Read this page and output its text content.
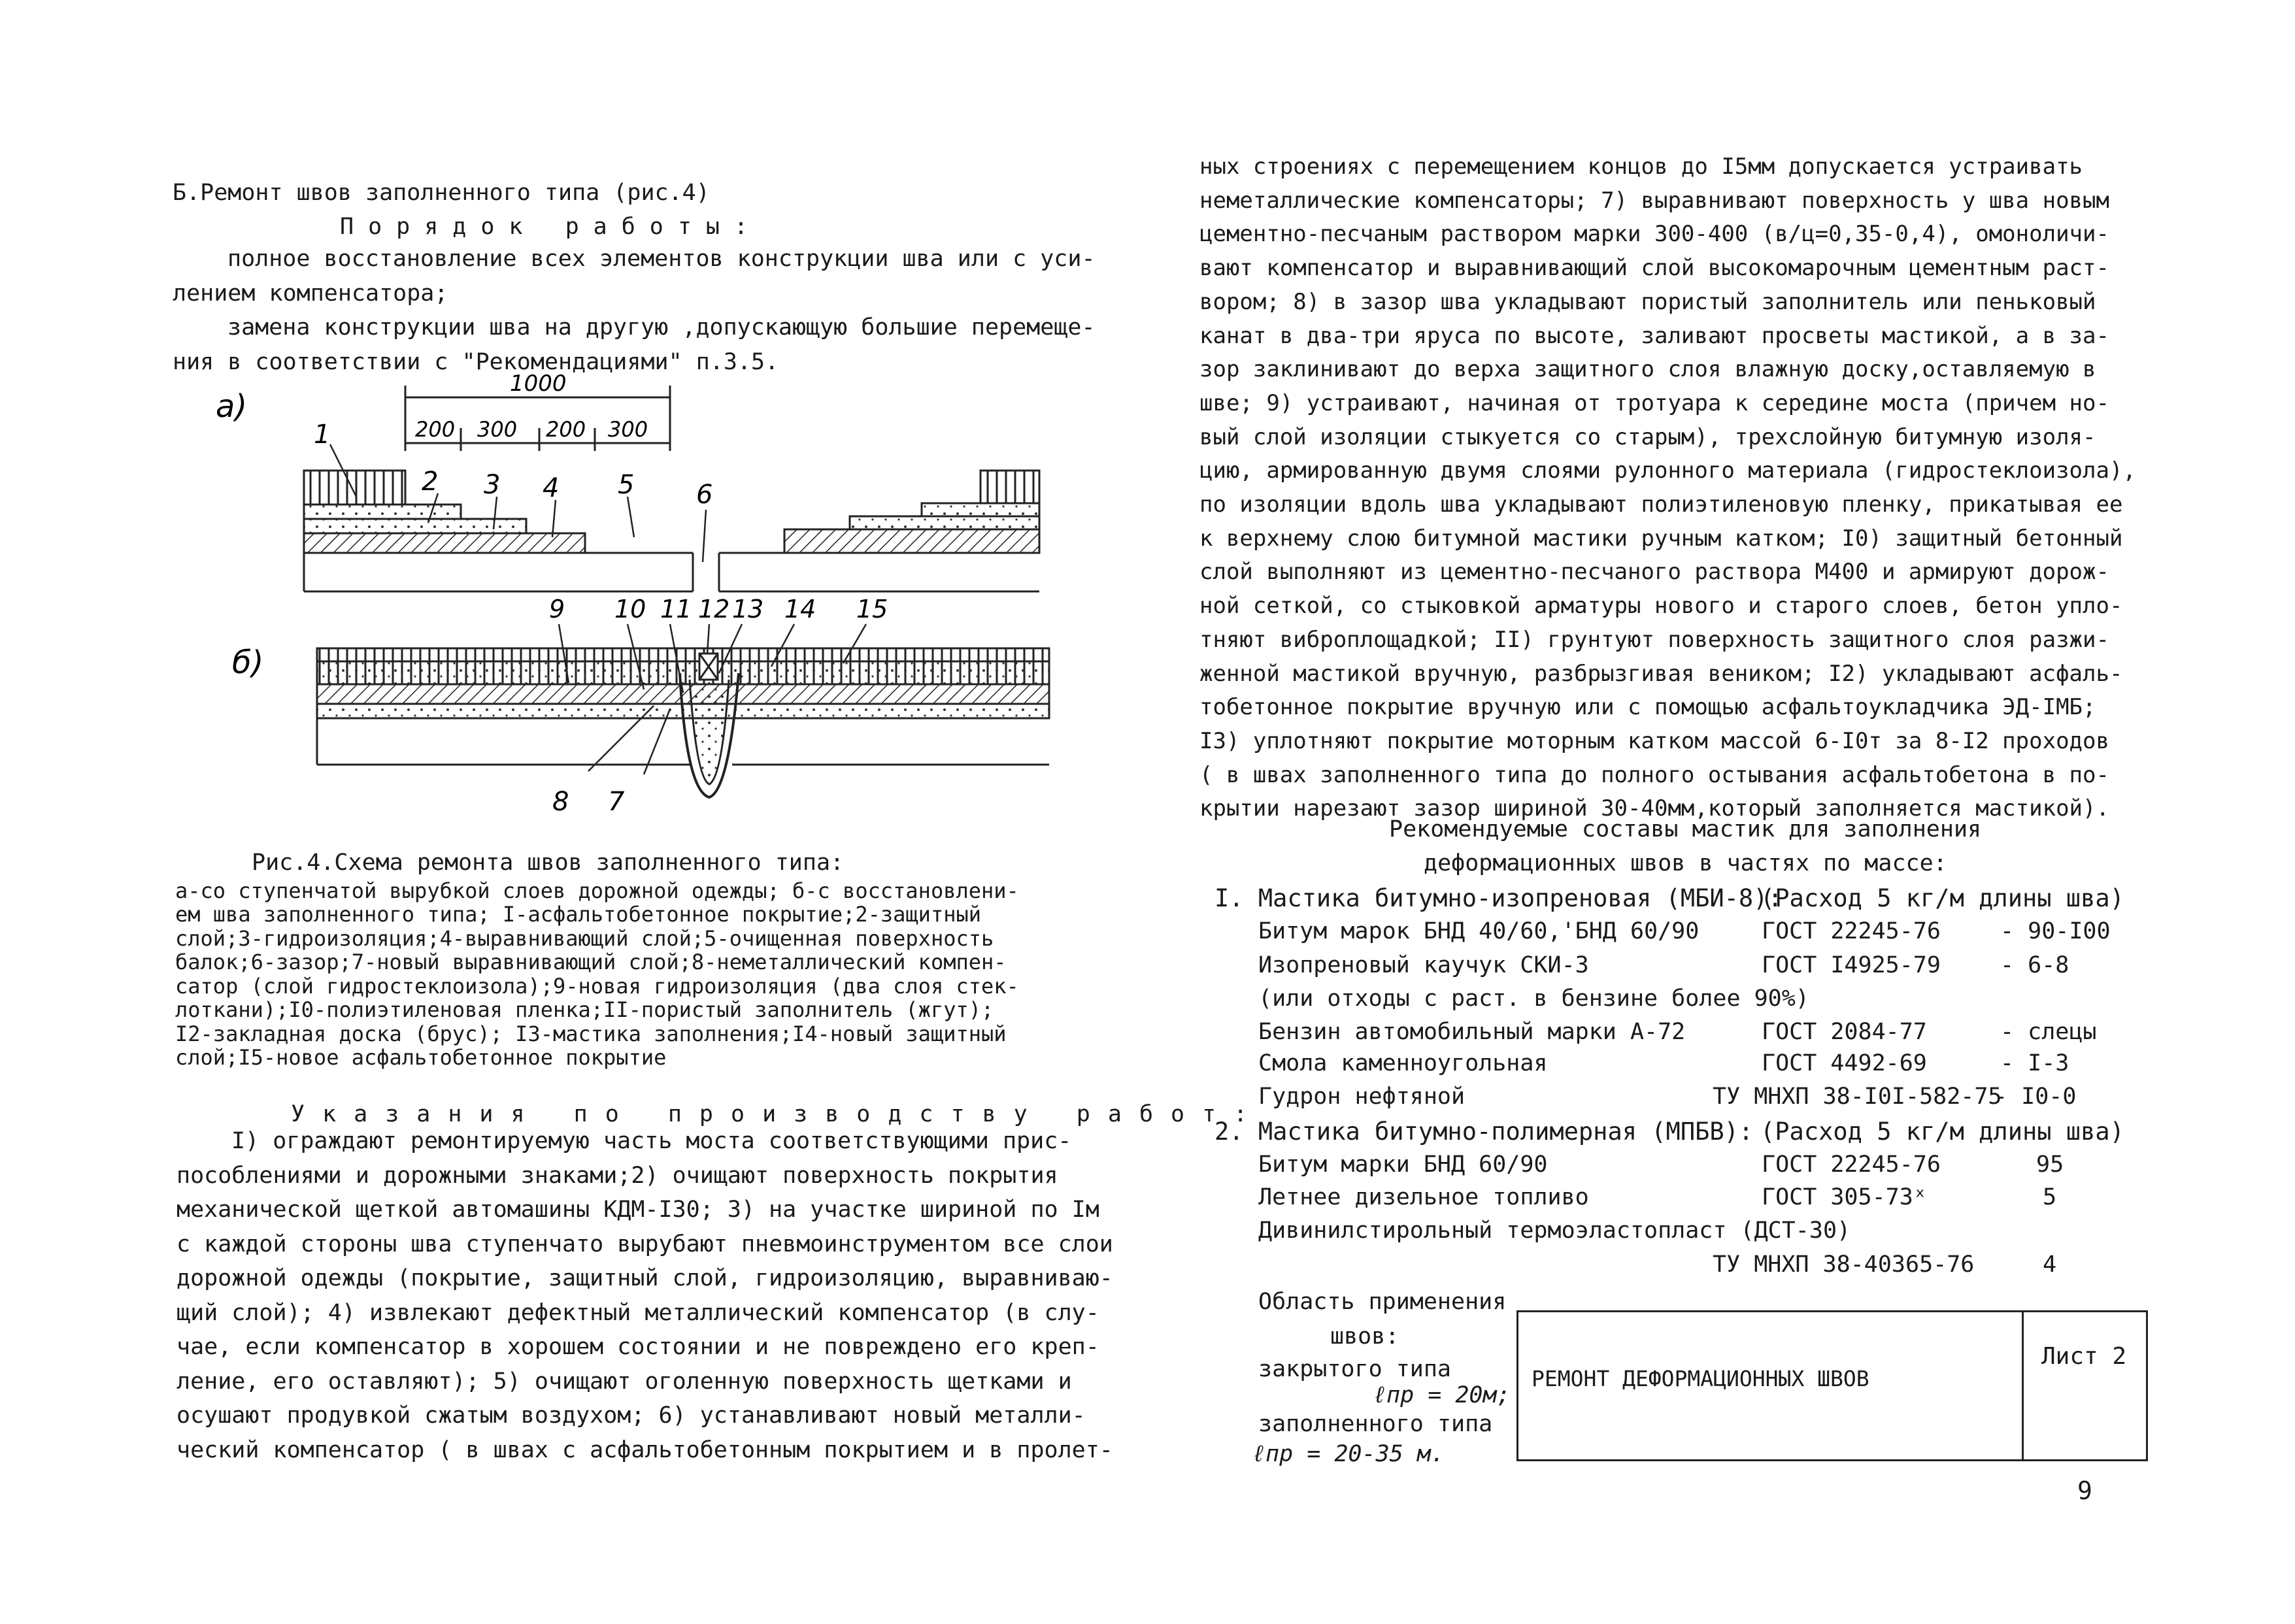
Б.Ремонт швов заполненного типа (рис.4)
Порядок работы:
полное восстановление всех элементов конструкции шва или с уси-
лением компенсатора;
замена конструкции шва на другую ,допускающую большие перемеще-
ния в соответствии с "Рекомендациями" п.3.5.
а)
1000
200 300 200 300
1
2 3 4 5 6
б)
9 10 11 12 13 14 15
8 7
Рис.4.Схема ремонта швов заполненного типа:
а-со ступенчатой вырубкой слоев дорожной одежды; б-с восстановлени-
ем шва заполненного типа; I-асфальтобетонное покрытие;2-защитный
слой;3-гидроизоляция;4-выравнивающий слой;5-очищенная поверхность
балок;6-зазор;7-новый выравнивающий слой;8-неметаллический компен-
сатор (слой гидростеклоизола);9-новая гидроизоляция (два слоя стек-
лоткани);I0-полиэтиленовая пленка;II-пористый заполнитель (жгут);
I2-закладная доска (брус); I3-мастика заполнения;I4-новый защитный
слой;I5-новое асфальтобетонное покрытие
Указания по производству работ:
I) ограждают ремонтируемую часть моста соответствующими прис-
пособлениями и дорожными знаками;2) очищают поверхность покрытия
механической щеткой автомашины КДМ-I30; 3) на участке шириной по Iм
с каждой стороны шва ступенчато вырубают пневмоинструментом все слои
дорожной одежды (покрытие, защитный слой, гидроизоляцию, выравниваю-
щий слой); 4) извлекают дефектный металлический компенсатор (в слу-
чае, если компенсатор в хорошем состоянии и не повреждено его креп-
ление, его оставляют); 5) очищают оголенную поверхность щетками и
осушают продувкой сжатым воздухом; 6) устанавливают новый металли-
ческий компенсатор ( в швах с асфальтобетонным покрытием и в пролет-
ных строениях с перемещением концов до I5мм допускается устраивать
неметаллические компенсаторы; 7) выравнивают поверхность у шва новым
цементно-песчаным раствором марки 300-400 (в/ц=0,35-0,4), омоноличи-
вают компенсатор и выравнивающий слой высокомарочным цементным раст-
вором; 8) в зазор шва укладывают пористый заполнитель или пеньковый
канат в два-три яруса по высоте, заливают просветы мастикой, а в за-
зор заклинивают до верха защитного слоя влажную доску,оставляемую в
шве; 9) устраивают, начиная от тротуара к середине моста (причем но-
вый слой изоляции стыкуется со старым), трехслойную битумную изоля-
цию, армированную двумя слоями рулонного материала (гидростеклоизола),
по изоляции вдоль шва укладывают полиэтиленовую пленку, прикатывая ее
к верхнему слою битумной мастики ручным катком; I0) защитный бетонный
слой выполняют из цементно-песчаного раствора М400 и армируют дорож-
ной сеткой, со стыковкой арматуры нового и старого слоев, бетон упло-
тняют виброплощадкой; II) грунтуют поверхность защитного слоя разжи-
женной мастикой вручную, разбрызгивая веником; I2) укладывают асфаль-
тобетонное покрытие вручную или с помощью асфальтоукладчика ЭД-IМБ;
I3) уплотняют покрытие моторным катком массой 6-I0т за 8-I2 проходов
( в швах заполненного типа до полного остывания асфальтобетона в по-
крытии нарезают зазор шириной 30-40мм,который заполняется мастикой).
Рекомендуемые составы мастик для заполнения
деформационных швов в частях по массе:
I. Мастика битумно-изопреновая (МБИ-8):
(Расход 5 кг/м длины шва)
Битум марок БНД 40/60,'БНД 60/90	ГОСТ 22245-76	- 90-I00
Изопреновый каучук СКИ-3	ГОСТ I4925-79	- 6-8
(или отходы с раст. в бензине более 90%)
Бензин автомобильный марки А-72	ГОСТ 2084-77	- слецы
Смола каменноугольная	ГОСТ 4492-69	- I-3
Гудрон нефтяной	ТУ МНХП 38-I0I-582-75
- I0-0
2. Мастика битумно-полимерная (МПБВ): (Расход 5 кг/м длины шва)
Битум марки БНД 60/90	ГОСТ 22245-76	95
Летнее дизельное топливо	ГОСТ 305-73ˣ	5
Дивинилстирольный термоэластопласт (ДСТ-30)
ТУ МНХП 38-40365-76	4
Область применения
швов:
закрытого типа
ℓпр = 20м;
заполненного типа
ℓпр = 20-35 м.
РЕМОНТ ДЕФОРМАЦИОННЫХ ШВОВ
Лист 2
9
